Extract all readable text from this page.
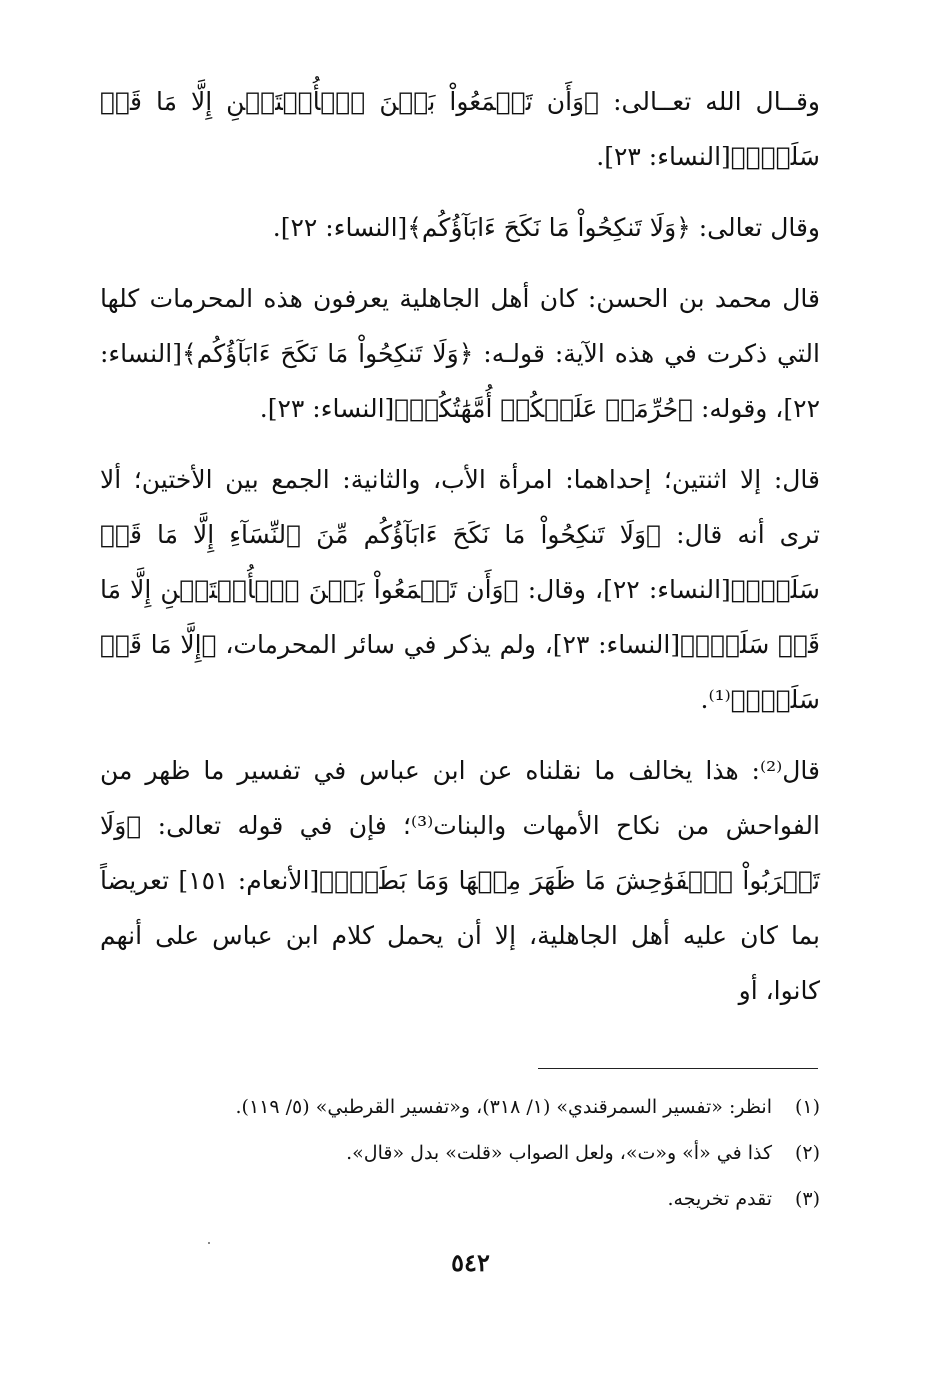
وقــال الله تعــالى: ﴿وَأَن تَجۡمَعُواْ بَيۡنَ ٱلۡأُخۡتَيۡنِ إِلَّا مَا قَدۡ سَلَفَۗ﴾[النساء: ٢٣].

وقال تعالى: ﴿وَلَا تَنكِحُواْ مَا نَكَحَ ءَابَآؤُكُم﴾[النساء: ٢٢].

قال محمد بن الحسن: كان أهل الجاهلية يعرفون هذه المحرمات كلها التي ذكرت في هذه الآية: قولـه: ﴿وَلَا تَنكِحُواْ مَا نَكَحَ ءَابَآؤُكُم﴾[النساء: ٢٢]، وقوله: ﴿حُرِّمَتۡ عَلَيۡكُمۡ أُمَّهَٰتُكُمۡ﴾[النساء: ٢٣].

قال: إلا اثنتين؛ إحداهما: امرأة الأب، والثانية: الجمع بين الأختين؛ ألا ترى أنه قال: ﴿وَلَا تَنكِحُواْ مَا نَكَحَ ءَابَآؤُكُم مِّنَ ٱلنِّسَآءِ إِلَّا مَا قَدۡ سَلَفَۚ﴾[النساء: ٢٢]، وقال: ﴿وَأَن تَجۡمَعُواْ بَيۡنَ ٱلۡأُخۡتَيۡنِ إِلَّا مَا قَدۡ سَلَفَۗ﴾[النساء: ٢٣]، ولم يذكر في سائر المحرمات، ﴿إِلَّا مَا قَدۡ سَلَفَۗ﴾⁽¹⁾.

قال⁽²⁾: هذا يخالف ما نقلناه عن ابن عباس في تفسير ما ظهر من الفواحش من نكاح الأمهات والبنات⁽³⁾؛ فإن في قوله تعالى: ﴿وَلَا تَقۡرَبُواْ ٱلۡفَوَٰحِشَ مَا ظَهَرَ مِنۡهَا وَمَا بَطَنَۖ﴾[الأنعام: ١٥١] تعريضاً بما كان عليه أهل الجاهلية، إلا أن يحمل كلام ابن عباس على أنهم كانوا، أو

(١)انظر: «تفسير السمرقندي» (١/ ٣١٨)، و«تفسير القرطبي» (٥/ ١١٩).
(٢)كذا في «أ» و«ت»، ولعل الصواب «قلت» بدل «قال».
(٣)تقدم تخريجه.
٥٤٢
